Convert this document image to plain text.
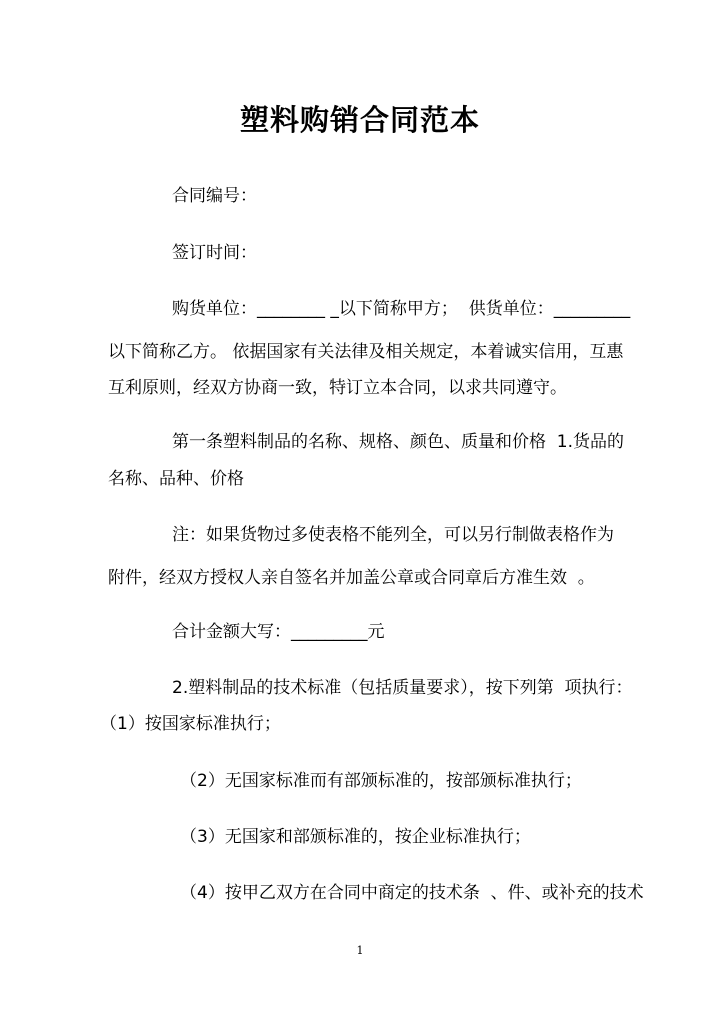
塑料购销合同范本
合同编号：
签订时间：
购货单位：________ _以下简称甲方；  供货单位：_________
以下简称乙方。 依据国家有关法律及相关规定，本着诚实信用，互惠
互利原则，经双方协商一致，特订立本合同，以求共同遵守。
第一条塑料制品的名称、规格、颜色、质量和价格  1.货品的
名称、品种、价格
注：如果货物过多使表格不能列全，可以另行制做表格作为
附件，经双方授权人亲自签名并加盖公章或合同章后方准生效  。
合计金额大写：_________元
2.塑料制品的技术标准（包括质量要求），按下列第  项执行：
（1）按国家标准执行；
（2）无国家标准而有部颁标准的，按部颁标准执行；
（3）无国家和部颁标准的，按企业标准执行；
（4）按甲乙双方在合同中商定的技术条  、件、或补充的技术
1
